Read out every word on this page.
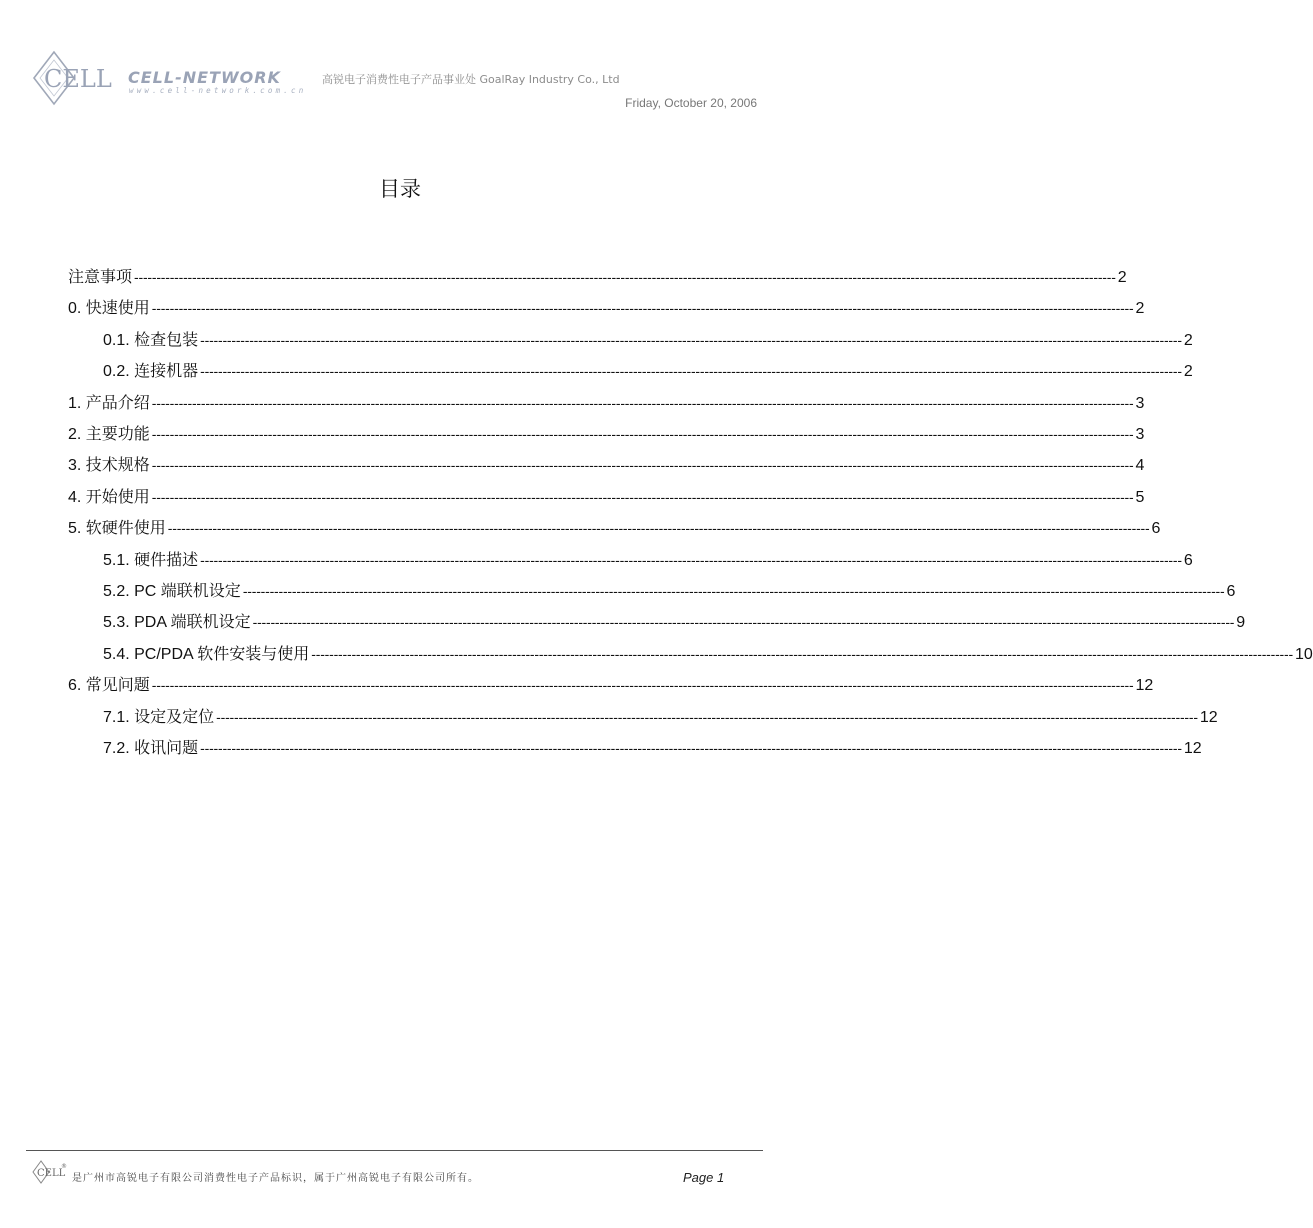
CELL CELL-NETWORK
www.cell-network.com.cn
高锐电子消费性电子产品事业处 GoalRay Industry Co., Ltd
Friday, October 20, 2006
目录
注意事项 ---------------------------------------------------------------------------------------------------------------------------------------------------------------------------------------------------------------------------- 2
0. 快速使用 ---------------------------------------------------------------------------------------------------------------------------------------------------------------------------------------------------------------------------- 2
0.1. 检查包装 ---------------------------------------------------------------------------------------------------------------------------------------------------------------------------------------------------------------------------- 2
0.2. 连接机器 ---------------------------------------------------------------------------------------------------------------------------------------------------------------------------------------------------------------------------- 2
1. 产品介绍 ---------------------------------------------------------------------------------------------------------------------------------------------------------------------------------------------------------------------------- 3
2. 主要功能 ---------------------------------------------------------------------------------------------------------------------------------------------------------------------------------------------------------------------------- 3
3. 技术规格 ---------------------------------------------------------------------------------------------------------------------------------------------------------------------------------------------------------------------------- 4
4. 开始使用 ---------------------------------------------------------------------------------------------------------------------------------------------------------------------------------------------------------------------------- 5
5. 软硬件使用 ---------------------------------------------------------------------------------------------------------------------------------------------------------------------------------------------------------------------------- 6
5.1. 硬件描述 ---------------------------------------------------------------------------------------------------------------------------------------------------------------------------------------------------------------------------- 6
5.2. PC 端联机设定 ---------------------------------------------------------------------------------------------------------------------------------------------------------------------------------------------------------------------------- 6
5.3. PDA 端联机设定 ---------------------------------------------------------------------------------------------------------------------------------------------------------------------------------------------------------------------------- 9
5.4. PC/PDA 软件安装与使用 ---------------------------------------------------------------------------------------------------------------------------------------------------------------------------------------------------------------------------- 10
6. 常见问题 ---------------------------------------------------------------------------------------------------------------------------------------------------------------------------------------------------------------------------- 12
7.1. 设定及定位 ---------------------------------------------------------------------------------------------------------------------------------------------------------------------------------------------------------------------------- 12
7.2. 收讯问题 ---------------------------------------------------------------------------------------------------------------------------------------------------------------------------------------------------------------------------- 12
CELL
®
是广州市高锐电子有限公司消费性电子产品标识，属于广州高锐电子有限公司所有。	Page 1
